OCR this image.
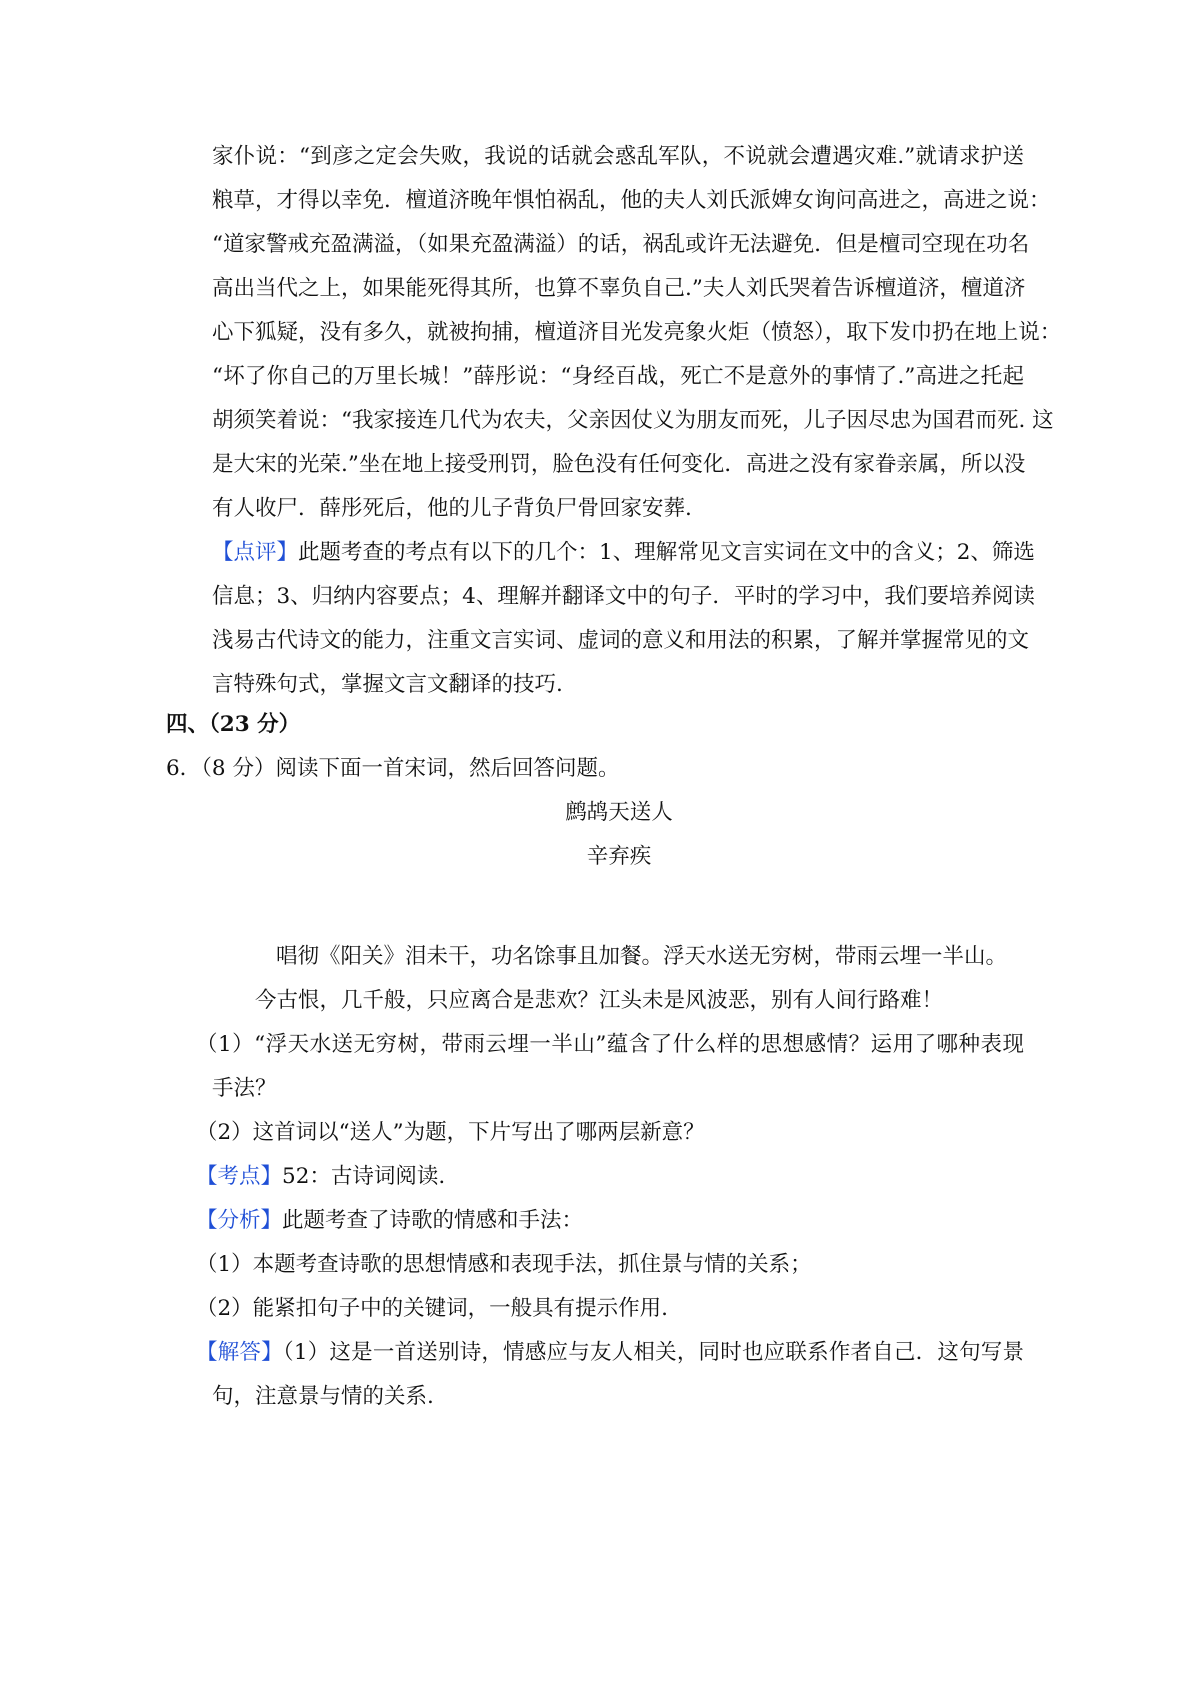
家仆说：“到彦之定会失败，我说的话就会惑乱军队，不说就会遭遇灾难.”就请求护送
粮草，才得以幸免．檀道济晚年惧怕祸乱，他的夫人刘氏派婢女询问高进之，高进之说：
“道家警戒充盈满溢，（如果充盈满溢）的话，祸乱或许无法避免．但是檀司空现在功名
高出当代之上，如果能死得其所，也算不辜负自己.”夫人刘氏哭着告诉檀道济，檀道济
心下狐疑，没有多久，就被拘捕，檀道济目光发亮象火炬（愤怒），取下发巾扔在地上说：
“坏了你自己的万里长城！”薛彤说：“身经百战，死亡不是意外的事情了.”高进之托起
胡须笑着说：“我家接连几代为农夫，父亲因仗义为朋友而死，儿子因尽忠为国君而死. 这
是大宋的光荣.”坐在地上接受刑罚，脸色没有任何变化．高进之没有家眷亲属，所以没
有人收尸．薛彤死后，他的儿子背负尸骨回家安葬.
【点评】此题考查的考点有以下的几个：1、理解常见文言实词在文中的含义；2、筛选
信息；3、归纳内容要点；4、理解并翻译文中的句子．平时的学习中，我们要培养阅读
浅易古代诗文的能力，注重文言实词、虚词的意义和用法的积累，了解并掌握常见的文
言特殊句式，掌握文言文翻译的技巧.
四、（23 分）
6．（8 分）阅读下面一首宋词，然后回答问题。
鹧鸪天送人
辛弃疾
唱彻《阳关》泪未干，功名馀事且加餐。浮天水送无穷树，带雨云埋一半山。
今古恨，几千般，只应离合是悲欢？江头未是风波恶，别有人间行路难！
（1）“浮天水送无穷树，带雨云埋一半山”蕴含了什么样的思想感情？运用了哪种表现
手法？
（2）这首词以“送人”为题，下片写出了哪两层新意？
【考点】52：古诗词阅读.
【分析】此题考查了诗歌的情感和手法：
（1）本题考查诗歌的思想情感和表现手法，抓住景与情的关系；
（2）能紧扣句子中的关键词，一般具有提示作用.
【解答】（1）这是一首送别诗，情感应与友人相关，同时也应联系作者自己．这句写景
句，注意景与情的关系.
